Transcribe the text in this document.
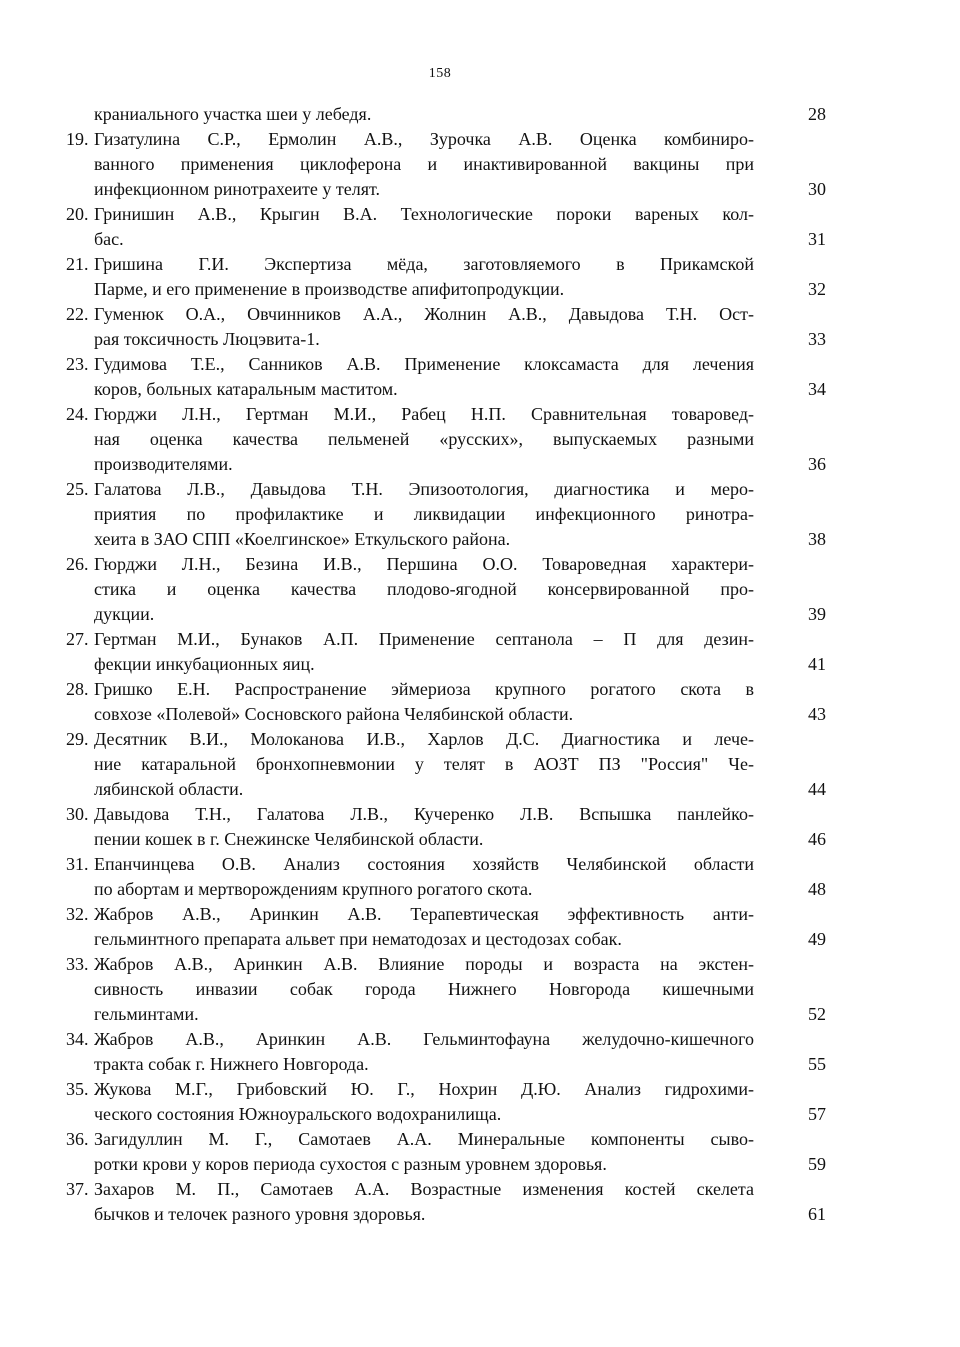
158
краниального участка шеи у лебедя.	28
19. Гизатулина С.Р., Ермолин А.В., Зурочка А.В. Оценка комбиниро-
ванного применения циклоферона и инактивированной вакцины при
инфекционном ринотрахеите у телят.	30
20. Гринишин А.В., Крыгин В.А. Технологические пороки вареных кол-
бас.	31
21. Гришина Г.И. Экспертиза мёда, заготовляемого в Прикамской
Парме, и его применение в производстве апифитопродукции.	32
22. Гуменюк О.А., Овчинников А.А., Жолнин А.В., Давыдова Т.Н. Ост-
рая токсичность Люцэвита-1.	33
23. Гудимова Т.Е., Санников А.В. Применение клоксамаста для лечения
коров, больных катаральным маститом.	34
24. Гюрджи Л.Н., Гертман М.И., Рабец Н.П. Сравнительная товаровед-
ная оценка качества пельменей «русских», выпускаемых разными
производителями.	36
25. Галатова Л.В., Давыдова Т.Н. Эпизоотология, диагностика и меро-
приятия по профилактике и ликвидации инфекционного ринотра-
хеита в ЗАО СПП «Коелгинское» Еткульского района.	38
26. Гюрджи Л.Н., Безина И.В., Першина О.О. Товароведная характери-
стика и оценка качества плодово-ягодной консервированной про-
дукции.	39
27. Гертман М.И., Бунаков А.П. Применение септанола – П для дезин-
фекции инкубационных яиц.	41
28. Гришко Е.Н. Распространение эймериоза крупного рогатого скота в
совхозе «Полевой» Сосновского района Челябинской области.	43
29. Десятник В.И., Молоканова И.В., Харлов Д.С. Диагностика и лече-
ние катаральной бронхопневмонии у телят в АОЗТ ПЗ "Россия" Че-
лябинской области.	44
30. Давыдова Т.Н., Галатова Л.В., Кучеренко Л.В. Вспышка панлейко-
пении кошек в г. Снежинске Челябинской области.	46
31. Епанчинцева О.В. Анализ состояния хозяйств Челябинской области
по абортам и мертворождениям крупного рогатого скота.	48
32. Жабров А.В., Аринкин А.В. Терапевтическая эффективность анти-
гельминтного препарата альвет при нематодозах и цестодозах собак.	49
33. Жабров А.В., Аринкин А.В. Влияние породы и возраста на экстен-
сивность инвазии собак города Нижнего Новгорода кишечными
гельминтами.	52
34. Жабров А.В., Аринкин А.В. Гельминтофауна желудочно-кишечного
тракта собак г. Нижнего Новгорода.	55
35. Жукова М.Г., Грибовский Ю. Г., Нохрин Д.Ю. Анализ гидрохими-
ческого состояния Южноуральского водохранилища.	57
36. Загидуллин М. Г., Самотаев А.А. Минеральные компоненты сыво-
ротки крови у коров периода сухостоя с разным уровнем здоровья.	59
37. Захаров М. П., Самотаев А.А. Возрастные изменения костей скелета
бычков и телочек разного уровня здоровья.	61
